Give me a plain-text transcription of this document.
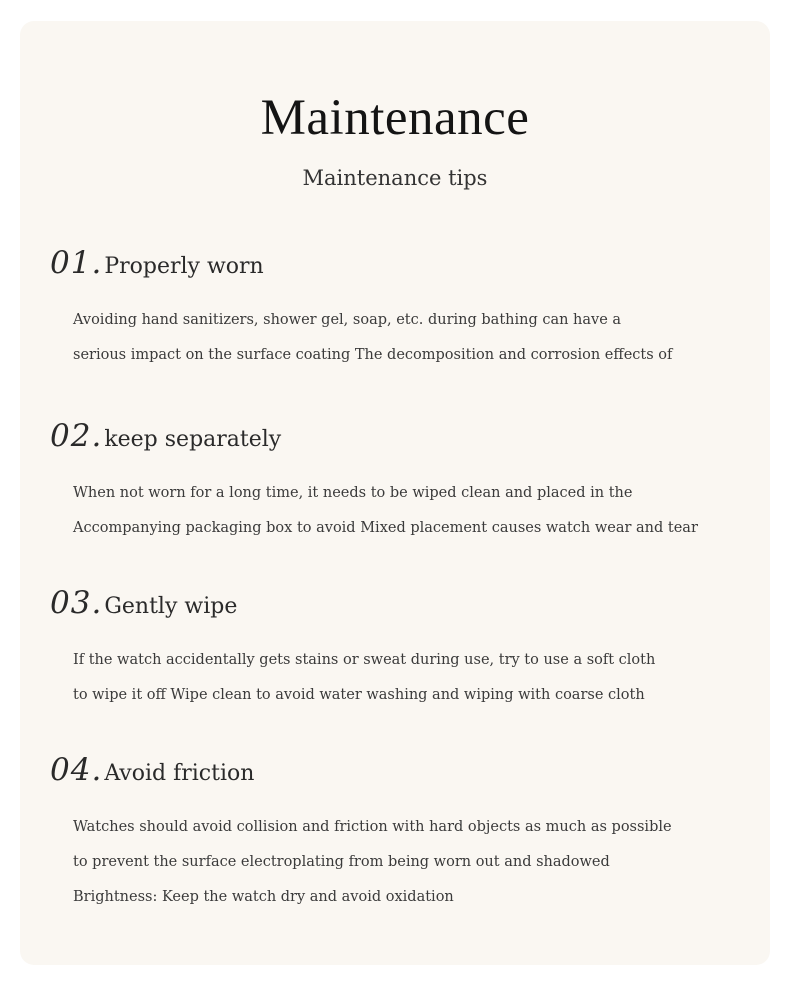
Maintenance
Maintenance tips
01.Properly worn
Avoiding hand sanitizers, shower gel, soap, etc. during bathing can have a
serious impact on the surface coating The decomposition and corrosion effects of
02.keep separately
When not worn for a long time, it needs to be wiped clean and placed in the
Accompanying packaging box to avoid Mixed placement causes watch wear and tear
03.Gently wipe
If the watch accidentally gets stains or sweat during use, try to use a soft cloth
to wipe it off Wipe clean to avoid water washing and wiping with coarse cloth
04.Avoid friction
Watches should avoid collision and friction with hard objects as much as possible
to prevent the surface electroplating from being worn out and shadowed
Brightness: Keep the watch dry and avoid oxidation
